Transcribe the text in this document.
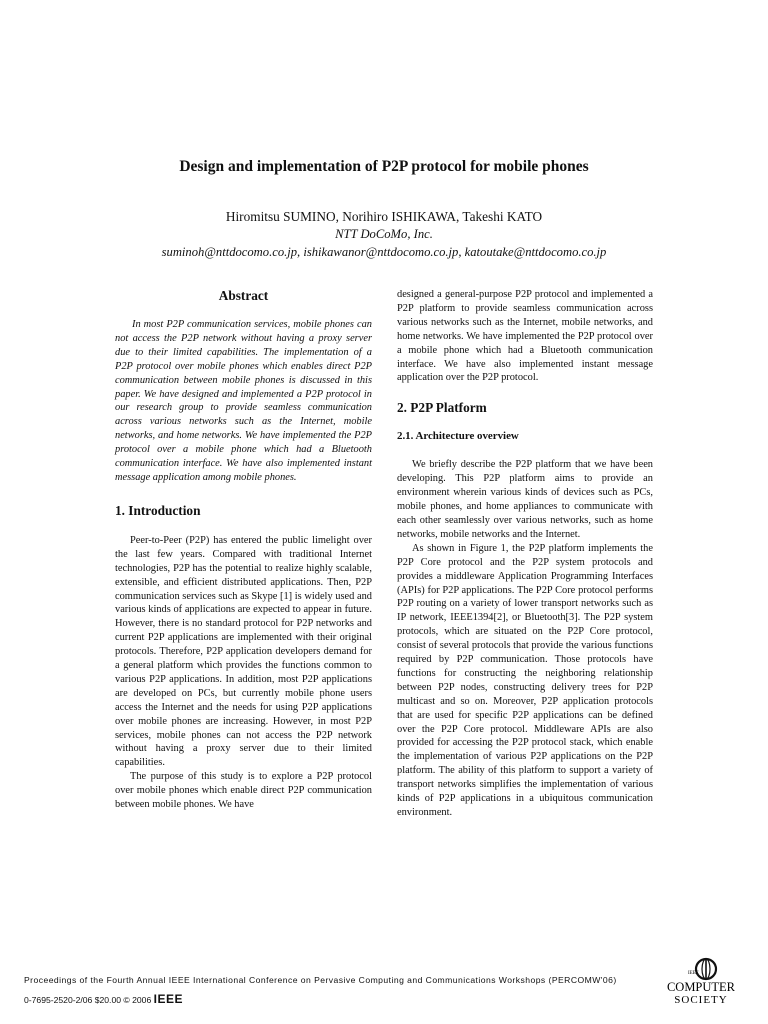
Design and implementation of P2P protocol for mobile phones
Hiromitsu SUMINO, Norihiro ISHIKAWA, Takeshi KATO
NTT DoCoMo, Inc.
suminoh@nttdocomo.co.jp, ishikawanor@nttdocomo.co.jp, katoutake@nttdocomo.co.jp
Abstract

In most P2P communication services, mobile phones can not access the P2P network without having a proxy server due to their limited capabilities. The implementation of a P2P protocol over mobile phones which enables direct P2P communication between mobile phones is discussed in this paper. We have designed and implemented a P2P protocol in our research group to provide seamless communication across various networks such as the Internet, mobile networks, and home networks. We have implemented the P2P protocol over a mobile phone which had a Bluetooth communication interface. We have also implemented instant message application among mobile phones.

1. Introduction

Peer-to-Peer (P2P) has entered the public limelight over the last few years. Compared with traditional Internet technologies, P2P has the potential to realize highly scalable, extensible, and efficient distributed applications. Then, P2P communication services such as Skype [1] is widely used and various kinds of applications are expected to appear in future. However, there is no standard protocol for P2P networks and current P2P applications are implemented with their original protocols. Therefore, P2P application developers demand for a general platform which provides the functions common to various P2P applications. In addition, most P2P applications are developed on PCs, but currently mobile phone users access the Internet and the needs for using P2P applications over mobile phones are increasing. However, in most P2P services, mobile phones can not access the P2P network without having a proxy server due to their limited capabilities.

The purpose of this study is to explore a P2P protocol over mobile phones which enable direct P2P communication between mobile phones. We have

designed a general-purpose P2P protocol and implemented a P2P platform to provide seamless communication across various networks such as the Internet, mobile networks, and home networks. We have implemented the P2P protocol over a mobile phone which had a Bluetooth communication interface. We have also implemented instant message application over the P2P protocol.

2. P2P Platform
2.1. Architecture overview

We briefly describe the P2P platform that we have been developing. This P2P platform aims to provide an environment wherein various kinds of devices such as PCs, mobile phones, and home appliances to communicate with each other seamlessly over various networks, such as home networks, mobile networks and the Internet.

As shown in Figure 1, the P2P platform implements the P2P Core protocol and the P2P system protocols and provides a middleware Application Programming Interfaces (APIs) for P2P applications. The P2P Core protocol performs P2P routing on a variety of lower transport networks such as IP network, IEEE1394[2], or Bluetooth[3]. The P2P system protocols, which are situated on the P2P Core protocol, consist of several protocols that provide the various functions required by P2P communication. Those protocols have functions for constructing the neighboring relationship between P2P nodes, constructing delivery trees for P2P multicast and so on. Moreover, P2P application protocols that are used for specific P2P applications can be defined over the P2P Core protocol. Middleware APIs are also provided for accessing the P2P protocol stack, which enable the implementation of various P2P applications on the P2P platform. The ability of this platform to support a variety of transport networks simplifies the implementation of various kinds of P2P applications in a ubiquitous communication environment.

Proceedings of the Fourth Annual IEEE International Conference on Pervasive Computing and Communications Workshops (PERCOMW'06)
0-7695-2520-2/06 $20.00 © 2006 IEEE
IEEE
COMPUTER
SOCIETY
